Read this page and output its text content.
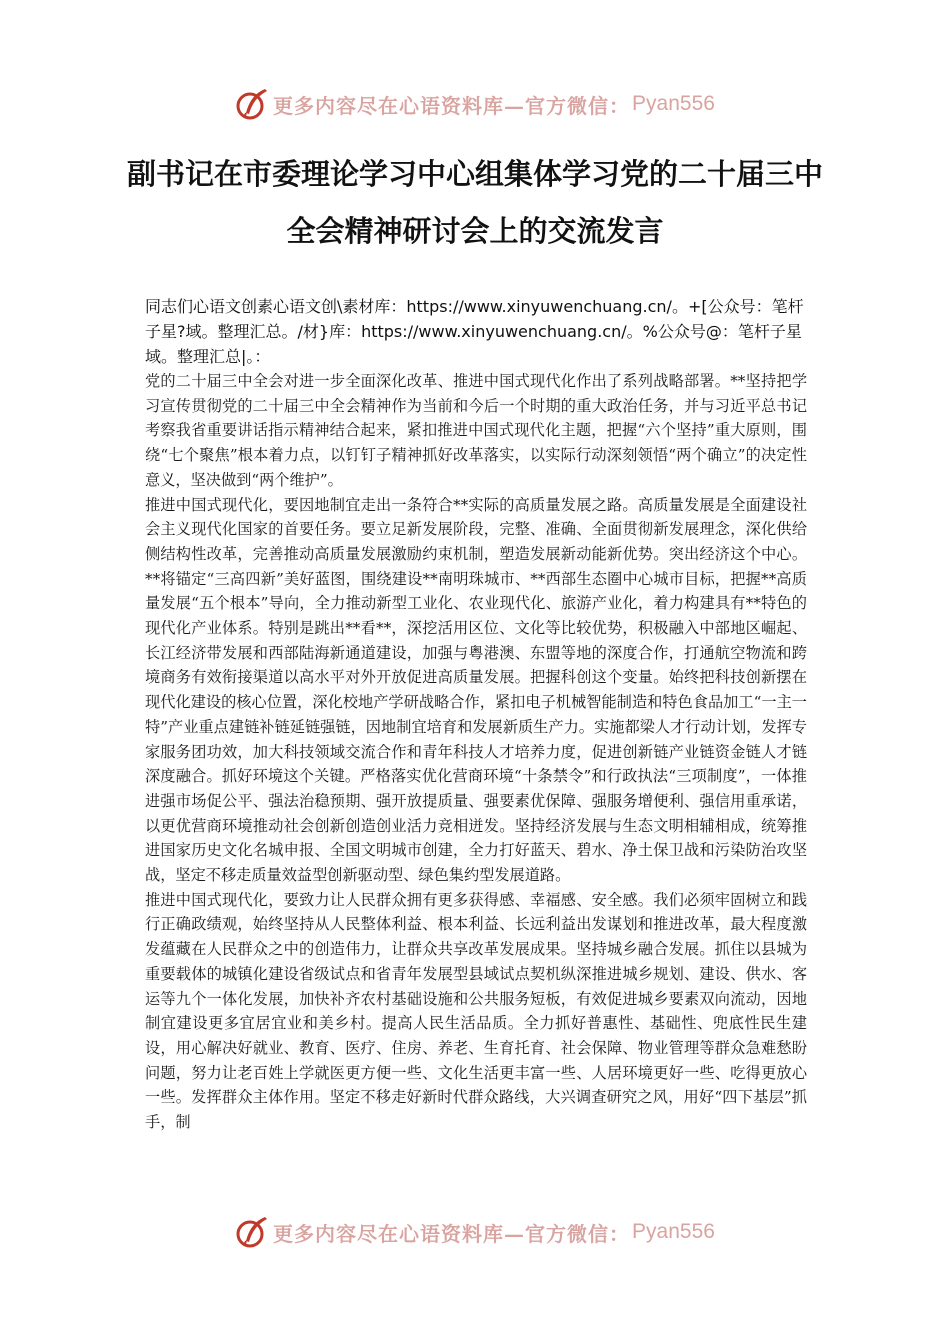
更多内容尽在心语资料库—官方微信： Pyan556
副书记在市委理论学习中心组集体学习党的二十届三中全会精神研讨会上的交流发言

同志们心语文创素心语文创\素材库：https://www.xinyuwenchuang.cn/。+[公众号：笔杆子星?域。整理汇总。/材}库：https://www.xinyuwenchuang.cn/。%公众号@：笔杆子星域。整理汇总|。：

党的二十届三中全会对进一步全面深化改革、推进中国式现代化作出了系列战略部署。**坚持把学习宣传贯彻党的二十届三中全会精神作为当前和今后一个时期的重大政治任务，并与习近平总书记考察我省重要讲话指示精神结合起来，紧扣推进中国式现代化主题，把握“六个坚持”重大原则，围绕“七个聚焦”根本着力点，以钉钉子精神抓好改革落实，以实际行动深刻领悟“两个确立”的决定性意义，坚决做到“两个维护”。

推进中国式现代化，要因地制宜走出一条符合**实际的高质量发展之路。高质量发展是全面建设社会主义现代化国家的首要任务。要立足新发展阶段，完整、准确、全面贯彻新发展理念，深化供给侧结构性改革，完善推动高质量发展激励约束机制，塑造发展新动能新优势。突出经济这个中心。**将锚定“三高四新”美好蓝图，围绕建设**南明珠城市、**西部生态圈中心城市目标，把握**高质量发展“五个根本”导向，全力推动新型工业化、农业现代化、旅游产业化，着力构建具有**特色的现代化产业体系。特别是跳出**看**，深挖活用区位、文化等比较优势，积极融入中部地区崛起、长江经济带发展和西部陆海新通道建设，加强与粤港澳、东盟等地的深度合作，打通航空物流和跨境商务有效衔接渠道以高水平对外开放促进高质量发展。把握科创这个变量。始终把科技创新摆在现代化建设的核心位置，深化校地产学研战略合作，紧扣电子机械智能制造和特色食品加工“一主一特”产业重点建链补链延链强链，因地制宜培育和发展新质生产力。实施都梁人才行动计划，发挥专家服务团功效，加大科技领域交流合作和青年科技人才培养力度，促进创新链产业链资金链人才链深度融合。抓好环境这个关键。严格落实优化营商环境“十条禁令”和行政执法“三项制度”，一体推进强市场促公平、强法治稳预期、强开放提质量、强要素优保障、强服务增便利、强信用重承诺，以更优营商环境推动社会创新创造创业活力竞相迸发。坚持经济发展与生态文明相辅相成，统筹推进国家历史文化名城申报、全国文明城市创建，全力打好蓝天、碧水、净土保卫战和污染防治攻坚战，坚定不移走质量效益型创新驱动型、绿色集约型发展道路。

推进中国式现代化，要致力让人民群众拥有更多获得感、幸福感、安全感。我们必须牢固树立和践行正确政绩观，始终坚持从人民整体利益、根本利益、长远利益出发谋划和推进改革，最大程度激发蕴藏在人民群众之中的创造伟力，让群众共享改革发展成果。坚持城乡融合发展。抓住以县城为重要载体的城镇化建设省级试点和省青年发展型县域试点契机纵深推进城乡规划、建设、供水、客运等九个一体化发展，加快补齐农村基础设施和公共服务短板，有效促进城乡要素双向流动，因地制宜建设更多宜居宜业和美乡村。提高人民生活品质。全力抓好普惠性、基础性、兜底性民生建设，用心解决好就业、教育、医疗、住房、养老、生育托育、社会保障、物业管理等群众急难愁盼问题，努力让老百姓上学就医更方便一些、文化生活更丰富一些、人居环境更好一些、吃得更放心一些。发挥群众主体作用。坚定不移走好新时代群众路线，大兴调查研究之风，用好“四下基层”抓手，制

更多内容尽在心语资料库—官方微信： Pyan556
